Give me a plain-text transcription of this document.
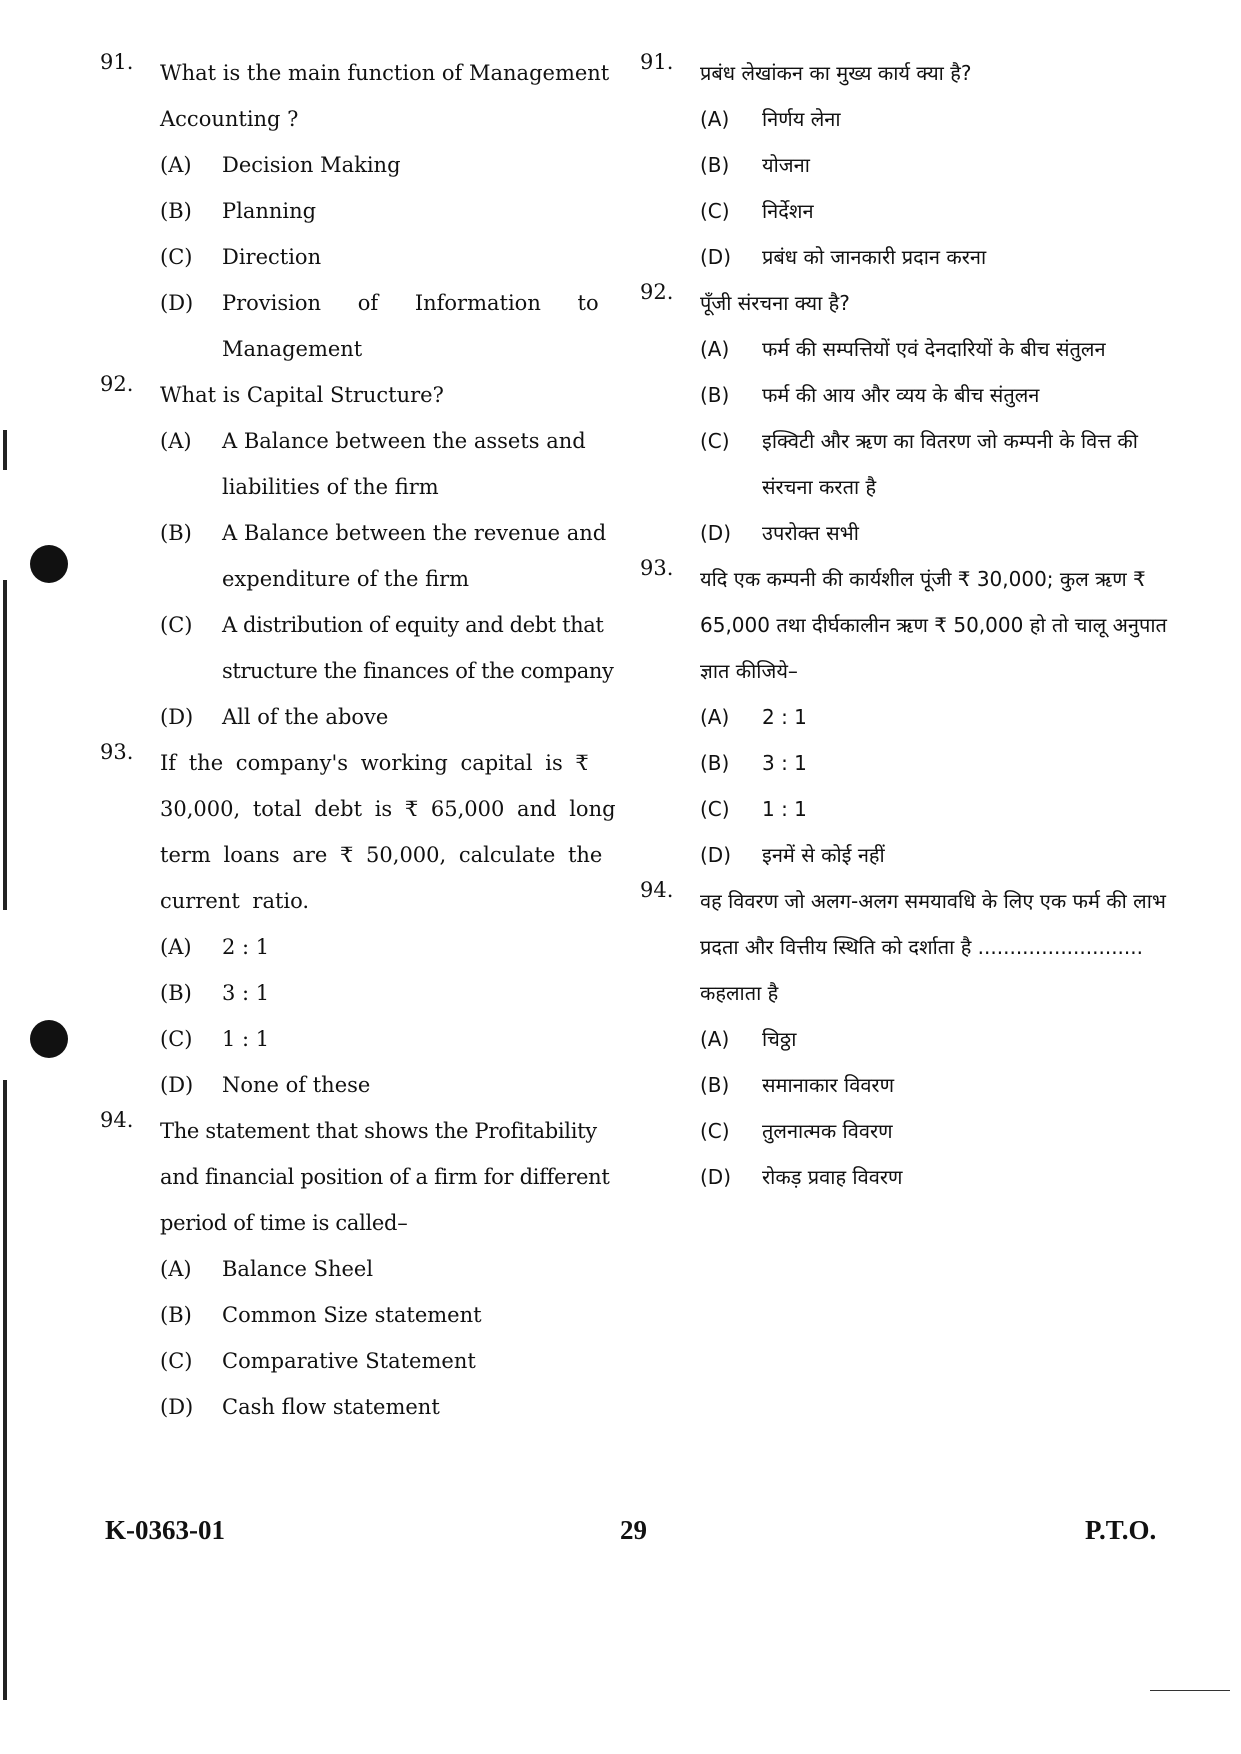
91.	What is the main function of Management Accounting ?
(A)	Decision Making
(B)	Planning
(C)	Direction
(D)	Provision of Information to Management
92.	What is Capital Structure?
(A)	A Balance between the assets and liabilities of the firm
(B)	A Balance between the revenue and expenditure of the firm
(C)	A distribution of equity and debt that structure the finances of the company
(D)	All of the above
93.	If the company's working capital is ₹ 30,000, total debt is ₹ 65,000 and long term loans are ₹ 50,000, calculate the current ratio.
(A)	2 : 1
(B)	3 : 1
(C)	1 : 1
(D)	None of these
94.	The statement that shows the Profitability and financial position of a firm for different period of time is called–
(A)	Balance Sheel
(B)	Common Size statement
(C)	Comparative Statement
(D)	Cash flow statement
91.	प्रबंध लेखांकन का मुख्य कार्य क्या है?
(A)	निर्णय लेना
(B)	योजना
(C)	निर्देशन
(D)	प्रबंध को जानकारी प्रदान करना
92.	पूँजी संरचना क्या है?
(A)	फर्म की सम्पत्तियों एवं देनदारियों के बीच संतुलन
(B)	फर्म की आय और व्यय के बीच संतुलन
(C)	इक्विटी और ऋण का वितरण जो कम्पनी के वित्त की संरचना करता है
(D)	उपरोक्त सभी
93.	यदि एक कम्पनी की कार्यशील पूंजी ₹ 30,000; कुल ऋण ₹ 65,000 तथा दीर्घकालीन ऋण ₹ 50,000 हो तो चालू अनुपात ज्ञात कीजिये–
(A)	2 : 1
(B)	3 : 1
(C)	1 : 1
(D)	इनमें से कोई नहीं
94.	वह विवरण जो अलग-अलग समयावधि के लिए एक फर्म की लाभ प्रदता और वित्तीय स्थिति को दर्शाता है .......................... कहलाता है
(A)	चिठ्ठा
(B)	समानाकार विवरण
(C)	तुलनात्मक विवरण
(D)	रोकड़ प्रवाह विवरण
K-0363-01	29	P.T.O.
